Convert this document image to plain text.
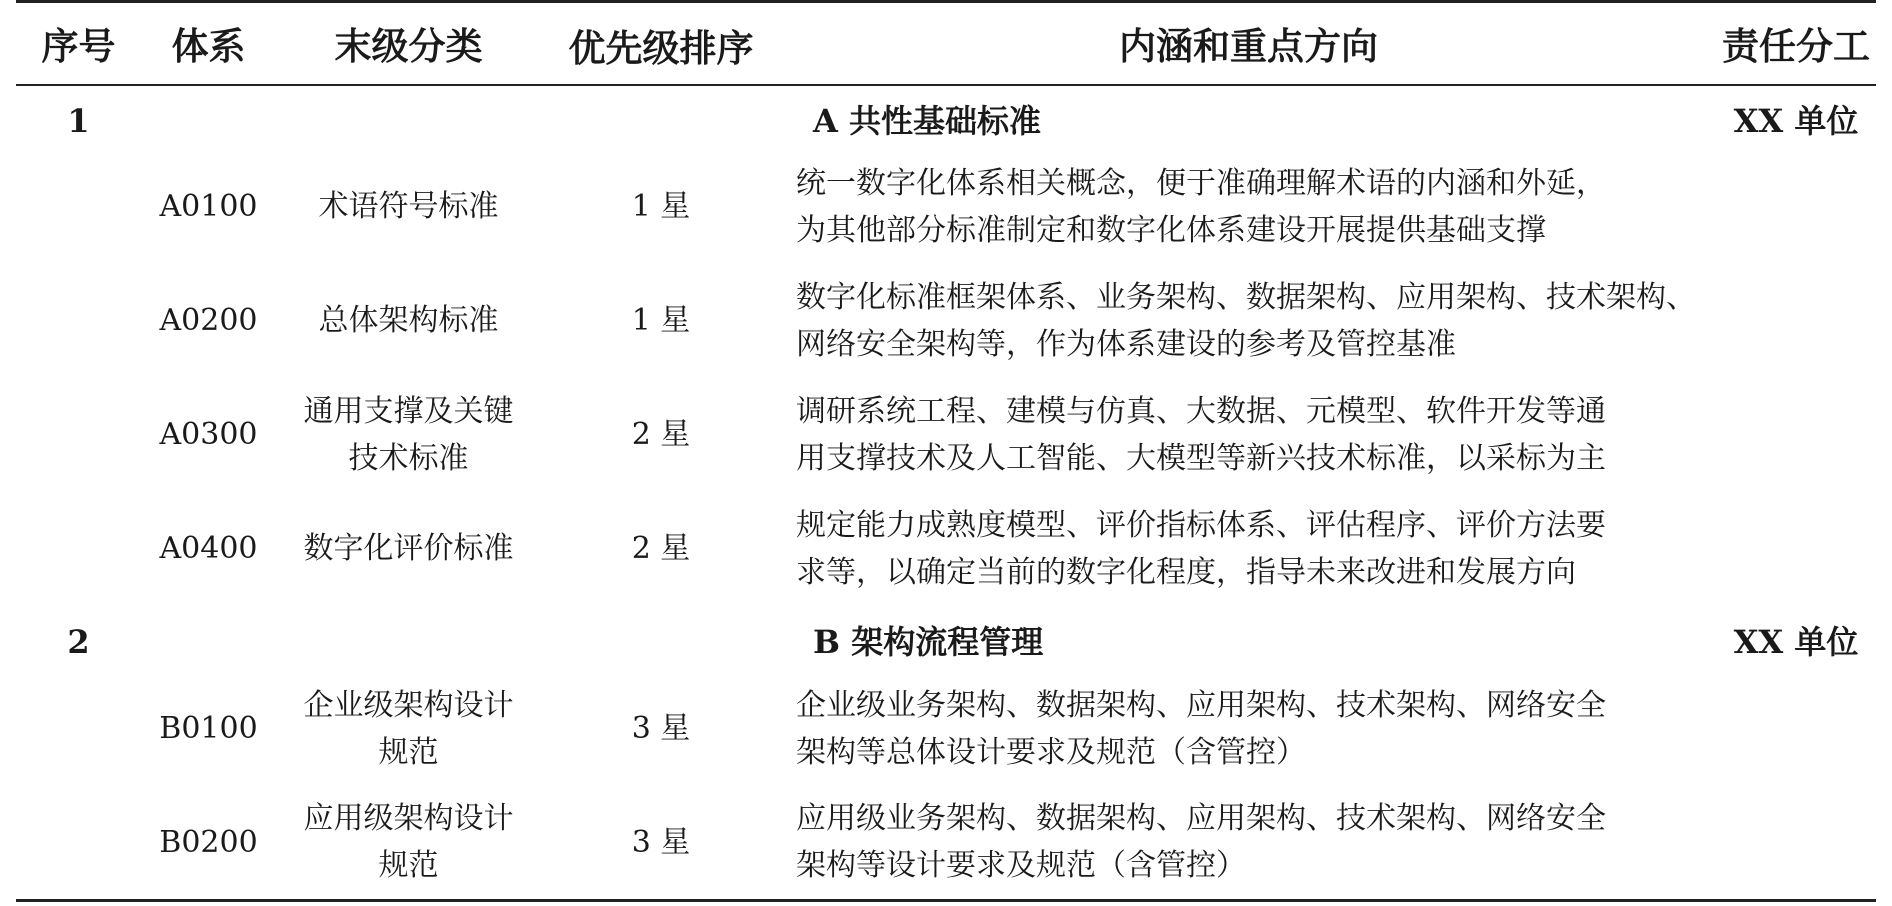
序号	体系	末级分类	优先级排序	内涵和重点方向	责任分工
1				A 共性基础标准	XX 单位
	A0100	术语符号标准	1 星	统一数字化体系相关概念，便于准确理解术语的内涵和外延，
为其他部分标准制定和数字化体系建设开展提供基础支撑	
	A0200	总体架构标准	1 星	数字化标准框架体系、业务架构、数据架构、应用架构、技术架构、
网络安全架构等，作为体系建设的参考及管控基准	
	A0300	通用支撑及关键
技术标准	2 星	调研系统工程、建模与仿真、大数据、元模型、软件开发等通
用支撑技术及人工智能、大模型等新兴技术标准，以采标为主	
	A0400	数字化评价标准	2 星	规定能力成熟度模型、评价指标体系、评估程序、评价方法要
求等，以确定当前的数字化程度，指导未来改进和发展方向	
2				B 架构流程管理	XX 单位
	B0100	企业级架构设计
规范	3 星	企业级业务架构、数据架构、应用架构、技术架构、网络安全
架构等总体设计要求及规范（含管控）	
	B0200	应用级架构设计
规范	3 星	应用级业务架构、数据架构、应用架构、技术架构、网络安全
架构等设计要求及规范（含管控）	
